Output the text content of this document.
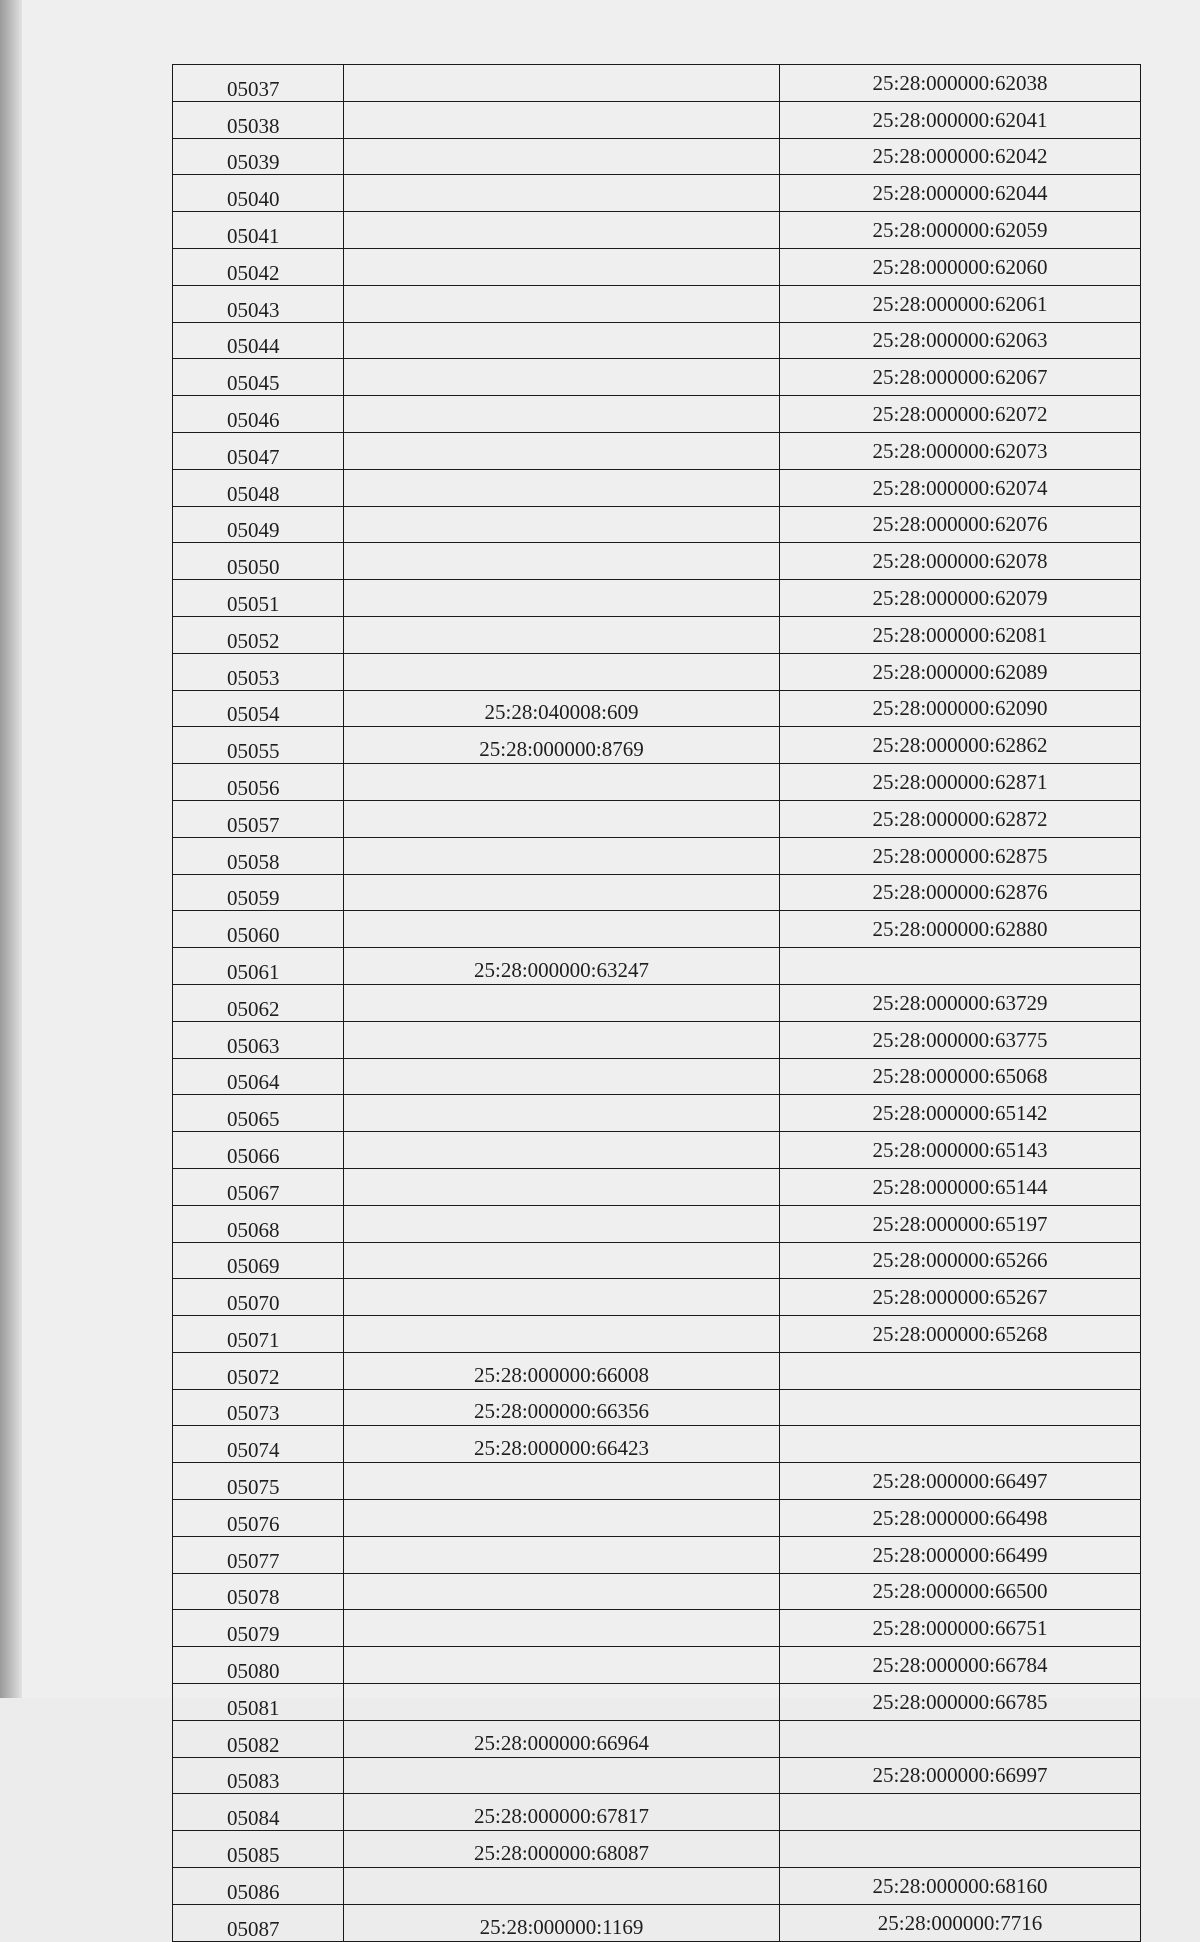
05037		25:28:000000:62038
05038		25:28:000000:62041
05039		25:28:000000:62042
05040		25:28:000000:62044
05041		25:28:000000:62059
05042		25:28:000000:62060
05043		25:28:000000:62061
05044		25:28:000000:62063
05045		25:28:000000:62067
05046		25:28:000000:62072
05047		25:28:000000:62073
05048		25:28:000000:62074
05049		25:28:000000:62076
05050		25:28:000000:62078
05051		25:28:000000:62079
05052		25:28:000000:62081
05053		25:28:000000:62089
05054	25:28:040008:609	25:28:000000:62090
05055	25:28:000000:8769	25:28:000000:62862
05056		25:28:000000:62871
05057		25:28:000000:62872
05058		25:28:000000:62875
05059		25:28:000000:62876
05060		25:28:000000:62880
05061	25:28:000000:63247	
05062		25:28:000000:63729
05063		25:28:000000:63775
05064		25:28:000000:65068
05065		25:28:000000:65142
05066		25:28:000000:65143
05067		25:28:000000:65144
05068		25:28:000000:65197
05069		25:28:000000:65266
05070		25:28:000000:65267
05071		25:28:000000:65268
05072	25:28:000000:66008	
05073	25:28:000000:66356	
05074	25:28:000000:66423	
05075		25:28:000000:66497
05076		25:28:000000:66498
05077		25:28:000000:66499
05078		25:28:000000:66500
05079		25:28:000000:66751
05080		25:28:000000:66784
05081		25:28:000000:66785
05082	25:28:000000:66964	
05083		25:28:000000:66997
05084	25:28:000000:67817	
05085	25:28:000000:68087	
05086		25:28:000000:68160
05087	25:28:000000:1169	25:28:000000:7716
